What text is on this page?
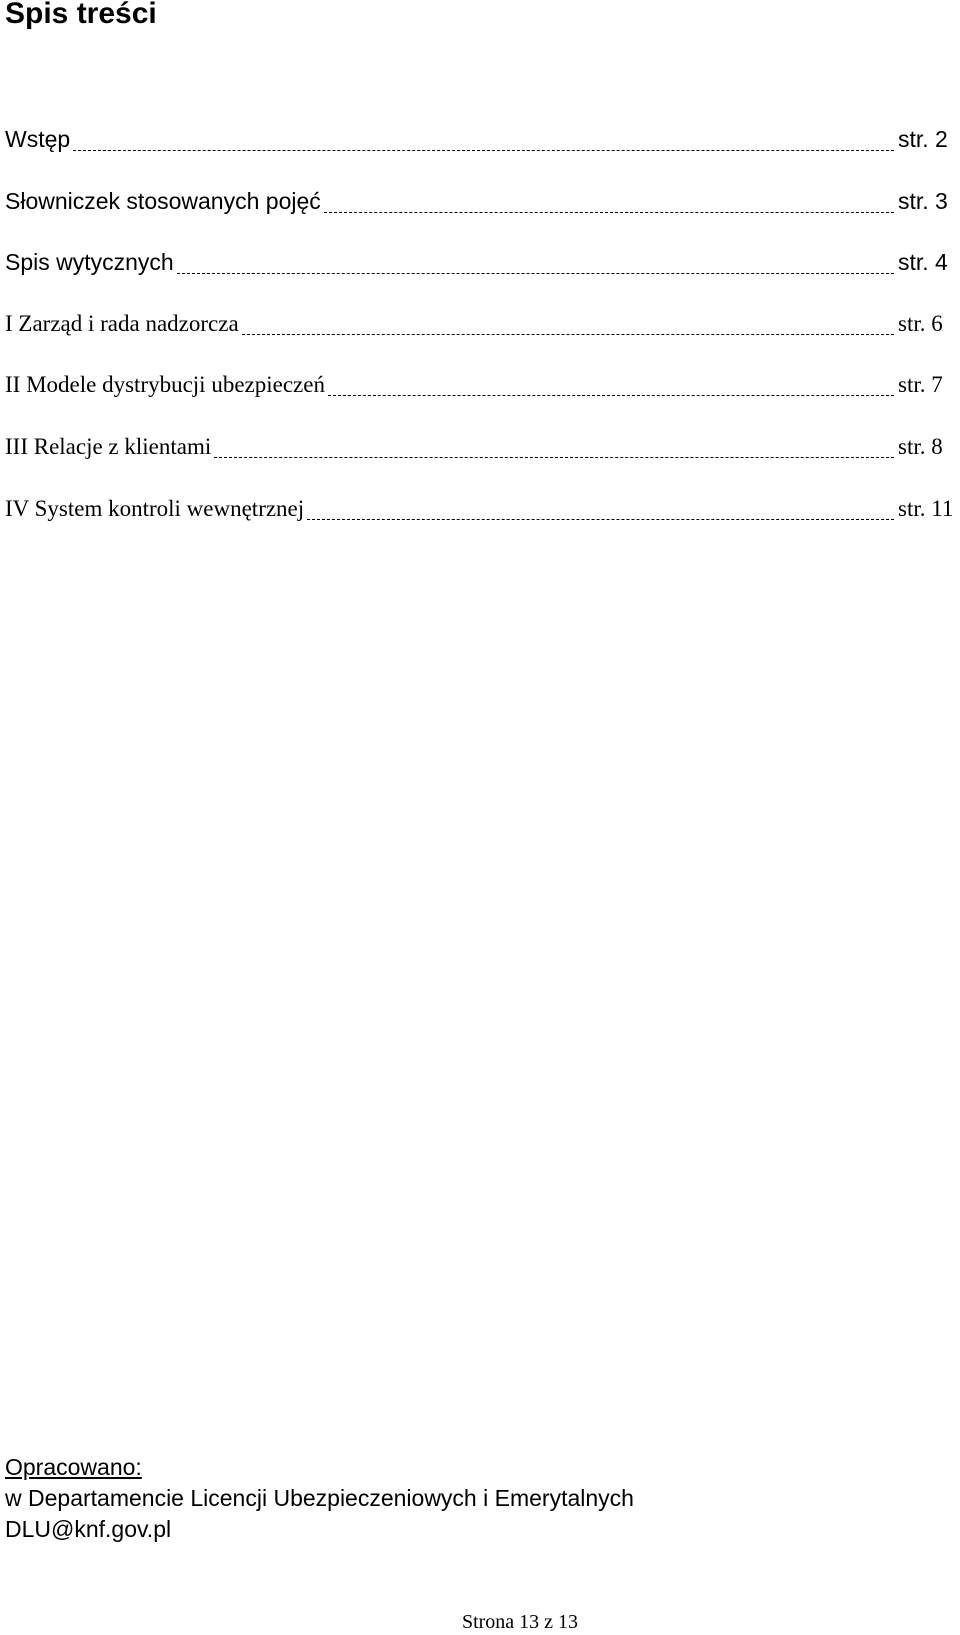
Spis treści
Wstęp	str. 2
Słowniczek stosowanych pojęć	str. 3
Spis wytycznych	str. 4
I Zarząd i rada nadzorcza	str. 6
II Modele dystrybucji ubezpieczeń	str. 7
III Relacje z klientami	str. 8
IV System kontroli wewnętrznej	str. 11
Opracowano:
w Departamencie Licencji Ubezpieczeniowych i Emerytalnych
DLU@knf.gov.pl
Strona 13 z 13
